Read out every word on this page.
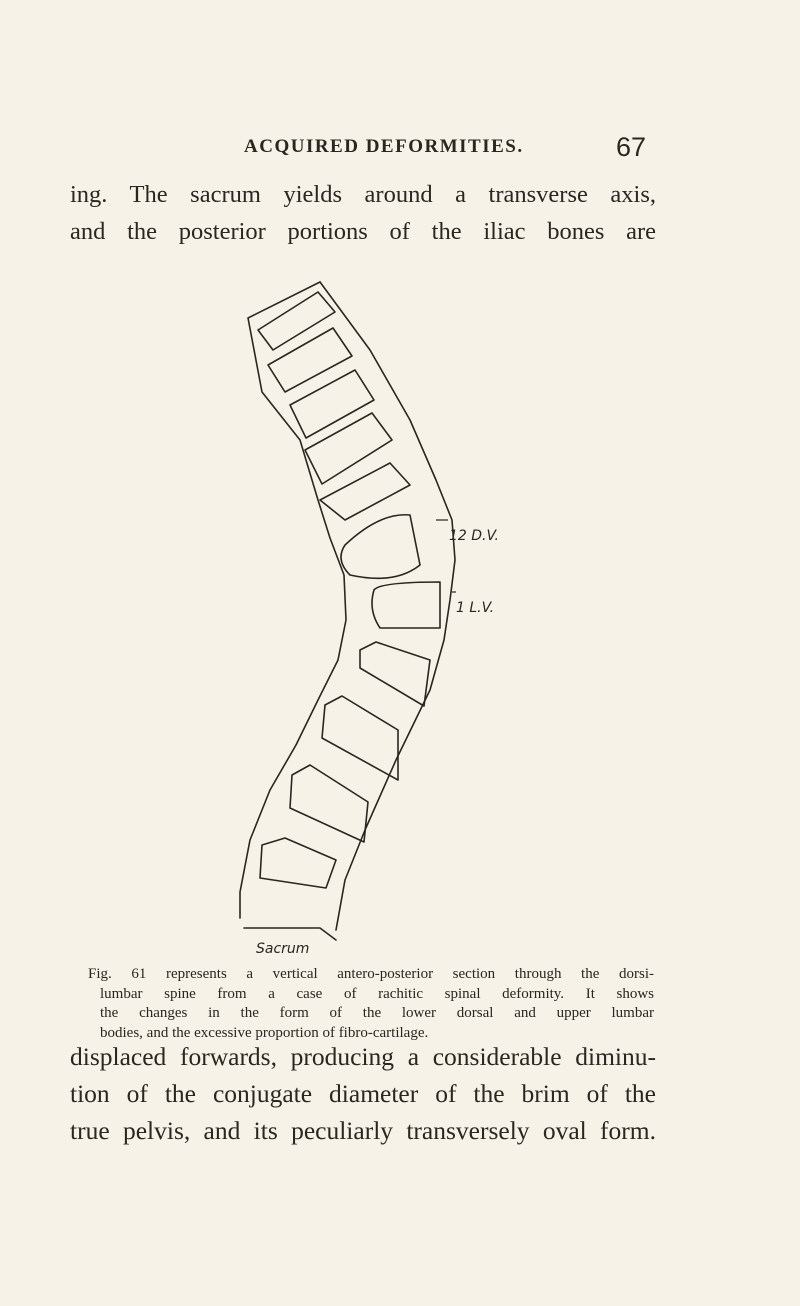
ACQUIRED DEFORMITIES.	67
ing. The sacrum yields around a transverse axis,
and the posterior portions of the iliac bones are
12 D.V.
1 L.V.
Sacrum
Fig. 61 represents a vertical antero-posterior section through the dorsi-
lumbar spine from a case of rachitic spinal deformity. It shows
the changes in the form of the lower dorsal and upper lumbar
bodies, and the excessive proportion of fibro-cartilage.
displaced forwards, producing a considerable diminu-
tion of the conjugate diameter of the brim of the
true pelvis, and its peculiarly transversely oval form.
